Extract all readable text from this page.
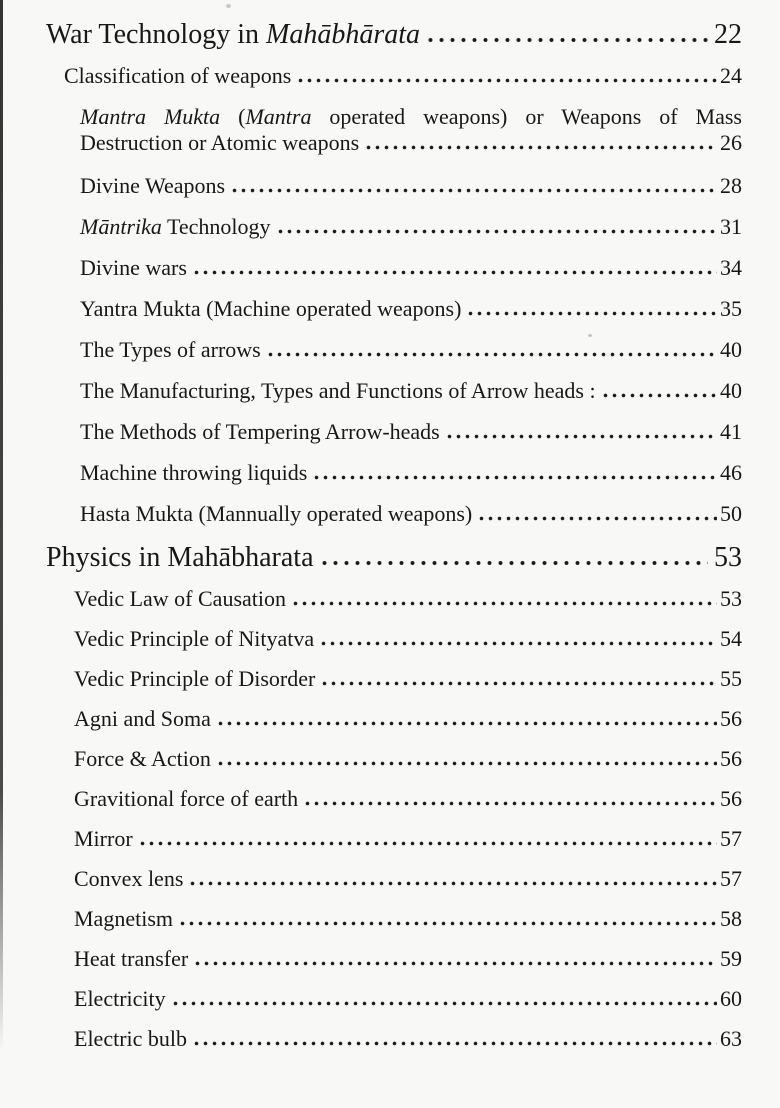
War Technology in Mahābhārata	22
Classification of weapons	24
Mantra Mukta (Mantra operated weapons) or Weapons of Mass
Destruction or Atomic weapons	26
Divine Weapons	28
Māntrika Technology	31
Divine wars	34
Yantra Mukta (Machine operated weapons)	35
The Types of arrows	40
The Manufacturing, Types and Functions of Arrow heads :	40
The Methods of Tempering Arrow-heads	41
Machine throwing liquids	46
Hasta Mukta (Mannually operated weapons)	50
Physics in Mahābharata	53
Vedic Law of Causation	53
Vedic Principle of Nityatva	54
Vedic Principle of Disorder	55
Agni and Soma	56
Force & Action	56
Gravitional force of earth	56
Mirror	57
Convex lens	57
Magnetism	58
Heat transfer	59
Electricity	60
Electric bulb	63
